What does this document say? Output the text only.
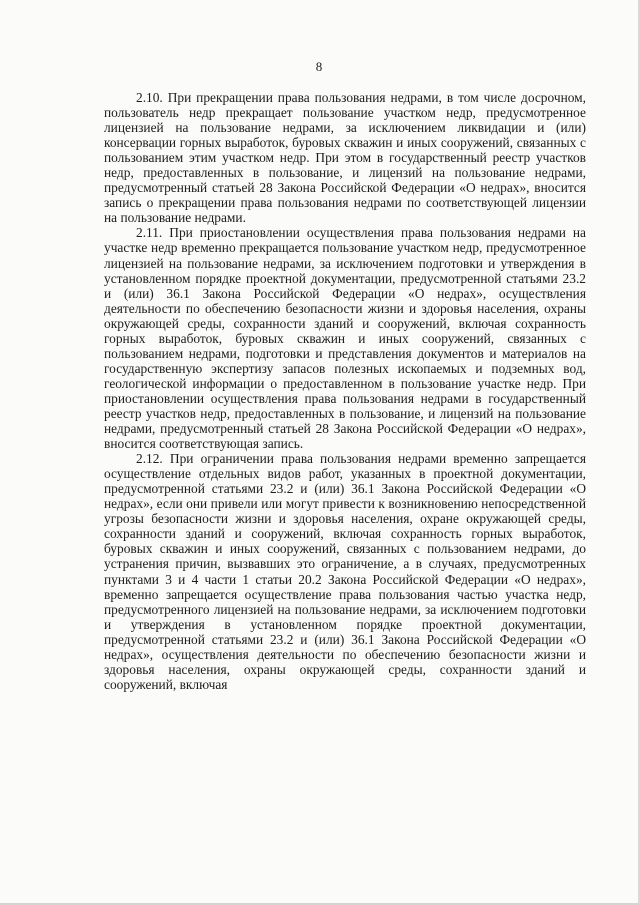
8

2.10. При прекращении права пользования недрами, в том числе досрочном, пользователь недр прекращает пользование участком недр, предусмотренное лицензией на пользование недрами, за исключением ликвидации и (или) консервации горных выработок, буровых скважин и иных сооружений, связанных с пользованием этим участком недр. При этом в государственный реестр участков недр, предоставленных в пользование, и лицензий на пользование недрами, предусмотренный статьей 28 Закона Российской Федерации «О недрах», вносится запись о прекращении права пользования недрами по соответствующей лицензии на пользование недрами.

2.11. При приостановлении осуществления права пользования недрами на участке недр временно прекращается пользование участком недр, предусмотренное лицензией на пользование недрами, за исключением подготовки и утверждения в установленном порядке проектной документации, предусмотренной статьями 23.2 и (или) 36.1 Закона Российской Федерации «О недрах», осуществления деятельности по обеспечению безопасности жизни и здоровья населения, охраны окружающей среды, сохранности зданий и сооружений, включая сохранность горных выработок, буровых скважин и иных сооружений, связанных с пользованием недрами, подготовки и представления документов и материалов на государственную экспертизу запасов полезных ископаемых и подземных вод, геологической информации о предоставленном в пользование участке недр. При приостановлении осуществления права пользования недрами в государственный реестр участков недр, предоставленных в пользование, и лицензий на пользование недрами, предусмотренный статьей 28 Закона Российской Федерации «О недрах», вносится соответствующая запись.

2.12. При ограничении права пользования недрами временно запрещается осуществление отдельных видов работ, указанных в проектной документации, предусмотренной статьями 23.2 и (или) 36.1 Закона Российской Федерации «О недрах», если они привели или могут привести к возникновению непосредственной угрозы безопасности жизни и здоровья населения, охране окружающей среды, сохранности зданий и сооружений, включая сохранность горных выработок, буровых скважин и иных сооружений, связанных с пользованием недрами, до устранения причин, вызвавших это ограничение, а в случаях, предусмотренных пунктами 3 и 4 части 1 статьи 20.2 Закона Российской Федерации «О недрах», временно запрещается осуществление права пользования частью участка недр, предусмотренного лицензией на пользование недрами, за исключением подготовки и утверждения в установленном порядке проектной документации, предусмотренной статьями 23.2 и (или) 36.1 Закона Российской Федерации «О недрах», осуществления деятельности по обеспечению безопасности жизни и здоровья населения, охраны окружающей среды, сохранности зданий и сооружений, включая
